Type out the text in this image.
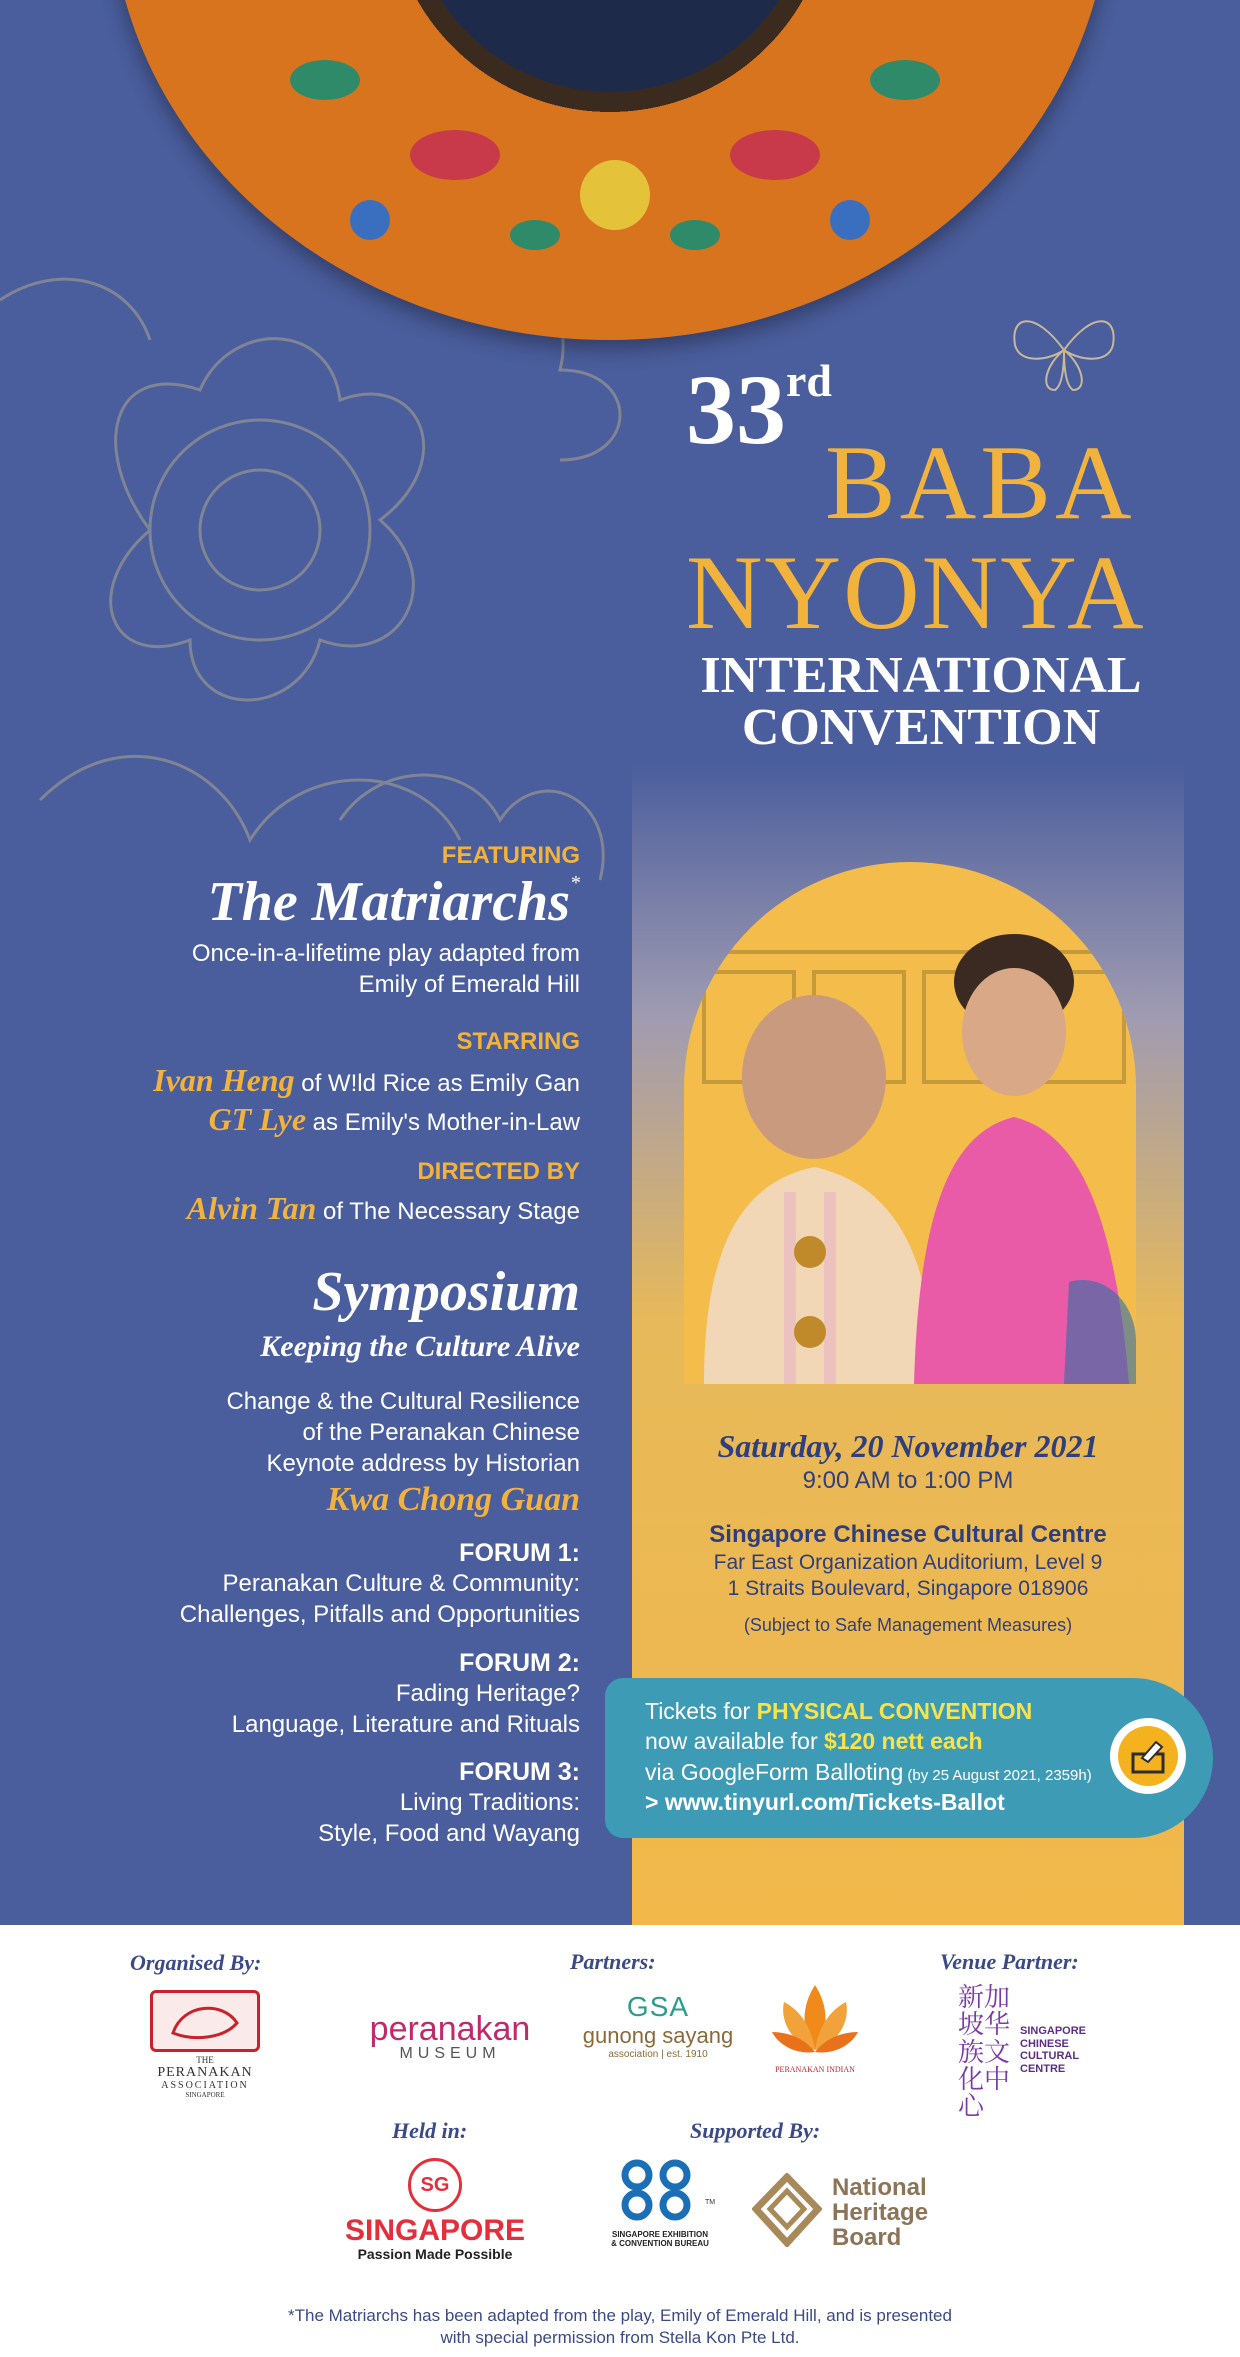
33rd
BABA
NYONYA
INTERNATIONAL
CONVENTION
FEATURING
The Matriarchs*
Once-in-a-lifetime play adapted from
Emily of Emerald Hill
STARRING
Ivan Heng of W!ld Rice as Emily Gan
GT Lye as Emily's Mother-in-Law
DIRECTED BY
Alvin Tan of The Necessary Stage
Symposium
Keeping the Culture Alive
Change & the Cultural Resilience
of the Peranakan Chinese
Keynote address by Historian
Kwa Chong Guan
FORUM 1:
Peranakan Culture & Community:
Challenges, Pitfalls and Opportunities
FORUM 2:
Fading Heritage?
Language, Literature and Rituals
FORUM 3:
Living Traditions:
Style, Food and Wayang
Saturday, 20 November 2021
9:00 AM to 1:00 PM
Singapore Chinese Cultural Centre
Far East Organization Auditorium, Level 9
1 Straits Boulevard, Singapore 018906
(Subject to Safe Management Measures)
Tickets for PHYSICAL CONVENTION
now available for $120 nett each
via GoogleForm Balloting (by 25 August 2021, 2359h)
> www.tinyurl.com/Tickets-Ballot
Organised By:	Partners:	Venue Partner:
THE
PERANAKAN
ASSOCIATION
SINGAPORE
peranakan
MUSEUM
GSA
gunong sayang
association | est. 1910
PERANAKAN INDIAN
新加坡华族文化中心
SINGAPORE
CHINESE
CULTURAL
CENTRE
Held in:	Supported By:
SG
SINGAPORE
Passion Made Possible
TM
SINGAPORE EXHIBITION
& CONVENTION BUREAU
National
Heritage
Board
*The Matriarchs has been adapted from the play, Emily of Emerald Hill, and is presented
with special permission from Stella Kon Pte Ltd.
